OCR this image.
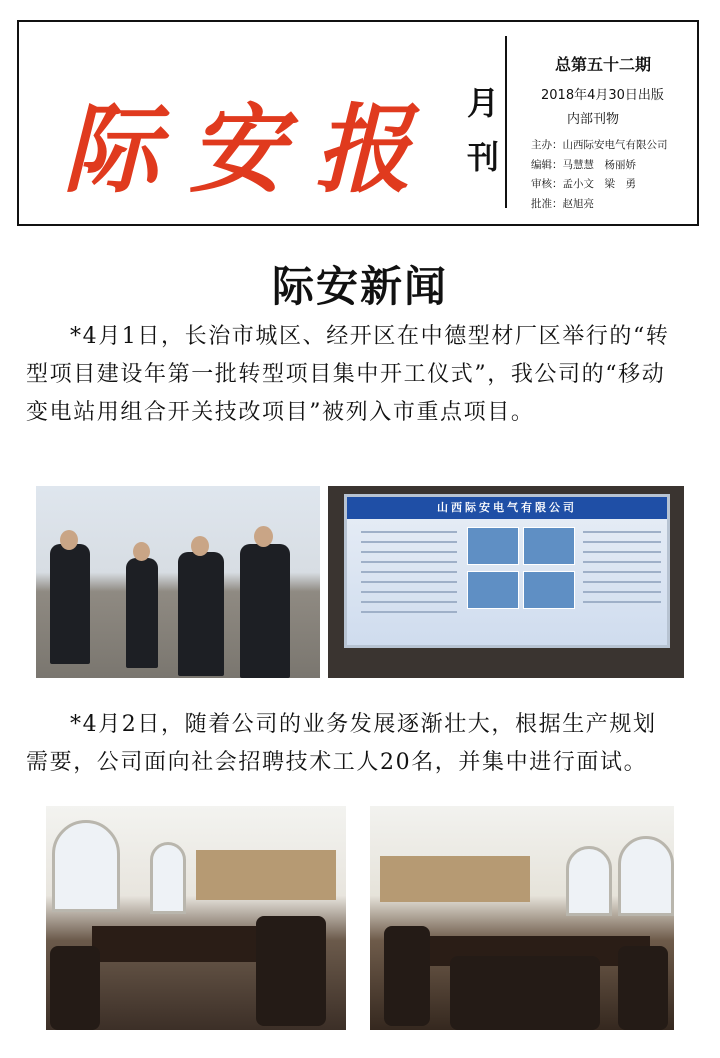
际安报 月刊
总第五十二期
2018年4月30日出版
内部刊物
主办：山西际安电气有限公司
编辑：马慧慧　杨丽娇
审核：孟小文　梁　勇
批准：赵旭亮
际安新闻
*4月1日，长治市城区、经开区在中德型材厂区举行的“转型项目建设年第一批转型项目集中开工仪式”，我公司的“移动变电站用组合开关技改项目”被列入市重点项目。
山西际安电气有限公司
*4月2日，随着公司的业务发展逐渐壮大，根据生产规划需要，公司面向社会招聘技术工人20名，并集中进行面试。
